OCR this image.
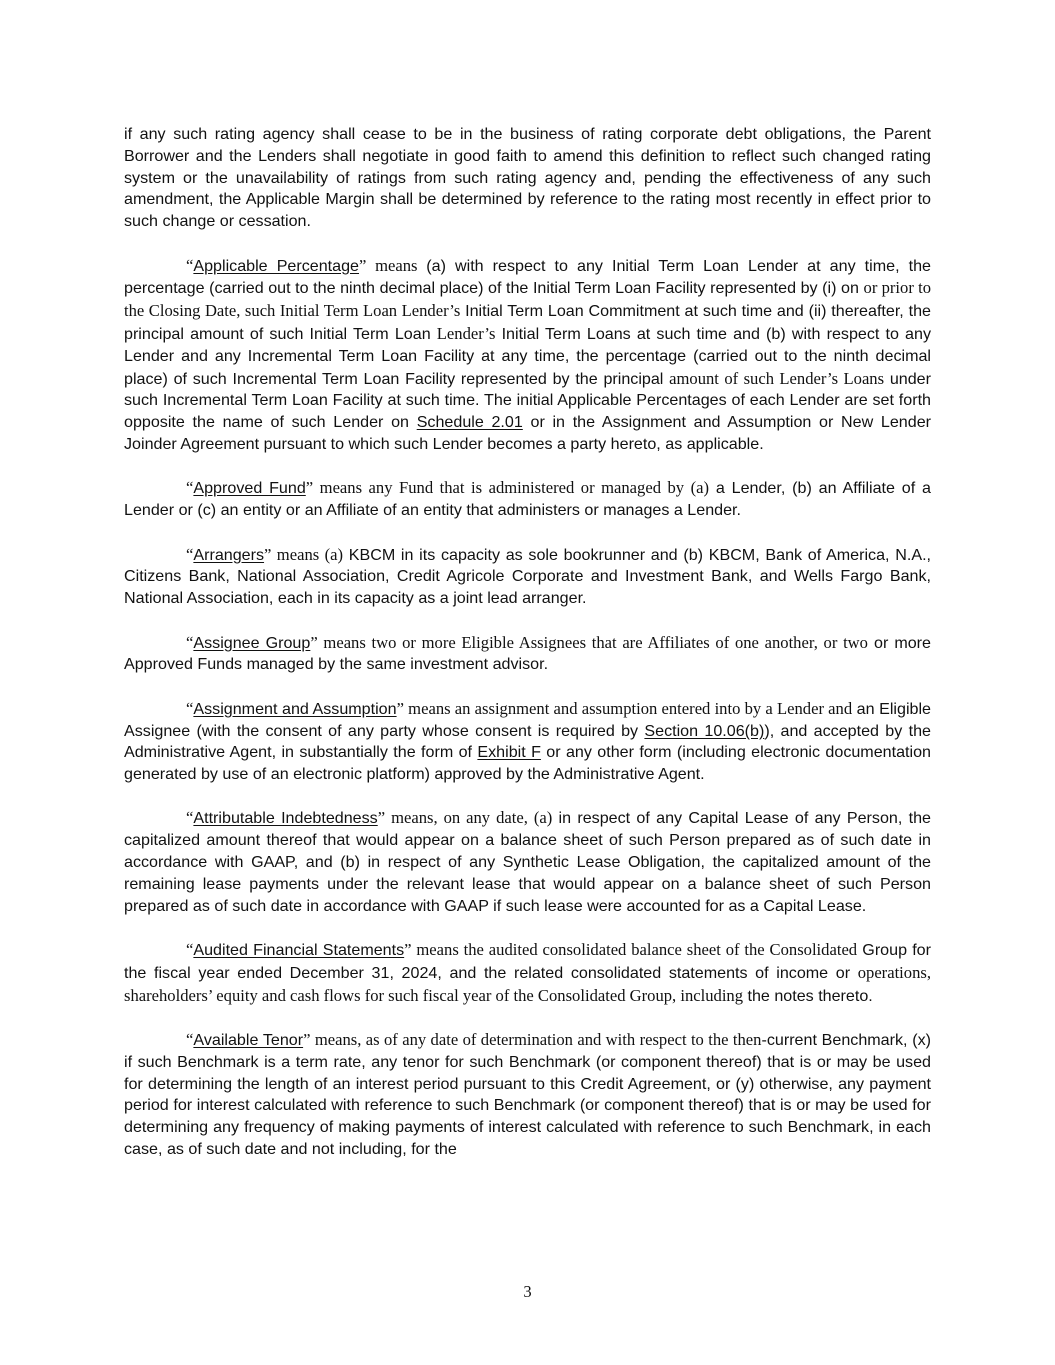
if any such rating agency shall cease to be in the business of rating corporate debt obligations, the Parent Borrower and the Lenders shall negotiate in good faith to amend this definition to reflect such changed rating system or the unavailability of ratings from such rating agency and, pending the effectiveness of any such amendment, the Applicable Margin shall be determined by reference to the rating most recently in effect prior to such change or cessation.

“Applicable Percentage” means (a) with respect to any Initial Term Loan Lender at any time, the percentage (carried out to the ninth decimal place) of the Initial Term Loan Facility represented by (i) on or prior to the Closing Date, such Initial Term Loan Lender’s Initial Term Loan Commitment at such time and (ii) thereafter, the principal amount of such Initial Term Loan Lender’s Initial Term Loans at such time and (b) with respect to any Lender and any Incremental Term Loan Facility at any time, the percentage (carried out to the ninth decimal place) of such Incremental Term Loan Facility represented by the principal amount of such Lender’s Loans under such Incremental Term Loan Facility at such time. The initial Applicable Percentages of each Lender are set forth opposite the name of such Lender on Schedule 2.01 or in the Assignment and Assumption or New Lender Joinder Agreement pursuant to which such Lender becomes a party hereto, as applicable.

“Approved Fund” means any Fund that is administered or managed by (a) a Lender, (b) an Affiliate of a Lender or (c) an entity or an Affiliate of an entity that administers or manages a Lender.

“Arrangers” means (a) KBCM in its capacity as sole bookrunner and (b) KBCM, Bank of America, N.A., Citizens Bank, National Association, Credit Agricole Corporate and Investment Bank, and Wells Fargo Bank, National Association, each in its capacity as a joint lead arranger.

“Assignee Group” means two or more Eligible Assignees that are Affiliates of one another, or two or more Approved Funds managed by the same investment advisor.

“Assignment and Assumption” means an assignment and assumption entered into by a Lender and an Eligible Assignee (with the consent of any party whose consent is required by Section 10.06(b)), and accepted by the Administrative Agent, in substantially the form of Exhibit F or any other form (including electronic documentation generated by use of an electronic platform) approved by the Administrative Agent.

“Attributable Indebtedness” means, on any date, (a) in respect of any Capital Lease of any Person, the capitalized amount thereof that would appear on a balance sheet of such Person prepared as of such date in accordance with GAAP, and (b) in respect of any Synthetic Lease Obligation, the capitalized amount of the remaining lease payments under the relevant lease that would appear on a balance sheet of such Person prepared as of such date in accordance with GAAP if such lease were accounted for as a Capital Lease.

“Audited Financial Statements” means the audited consolidated balance sheet of the Consolidated Group for the fiscal year ended December 31, 2024, and the related consolidated statements of income or operations, shareholders’ equity and cash flows for such fiscal year of the Consolidated Group, including the notes thereto.

“Available Tenor” means, as of any date of determination and with respect to the then-current Benchmark, (x) if such Benchmark is a term rate, any tenor for such Benchmark (or component thereof) that is or may be used for determining the length of an interest period pursuant to this Credit Agreement, or (y) otherwise, any payment period for interest calculated with reference to such Benchmark (or component thereof) that is or may be used for determining any frequency of making payments of interest calculated with reference to such Benchmark, in each case, as of such date and not including, for the

3
